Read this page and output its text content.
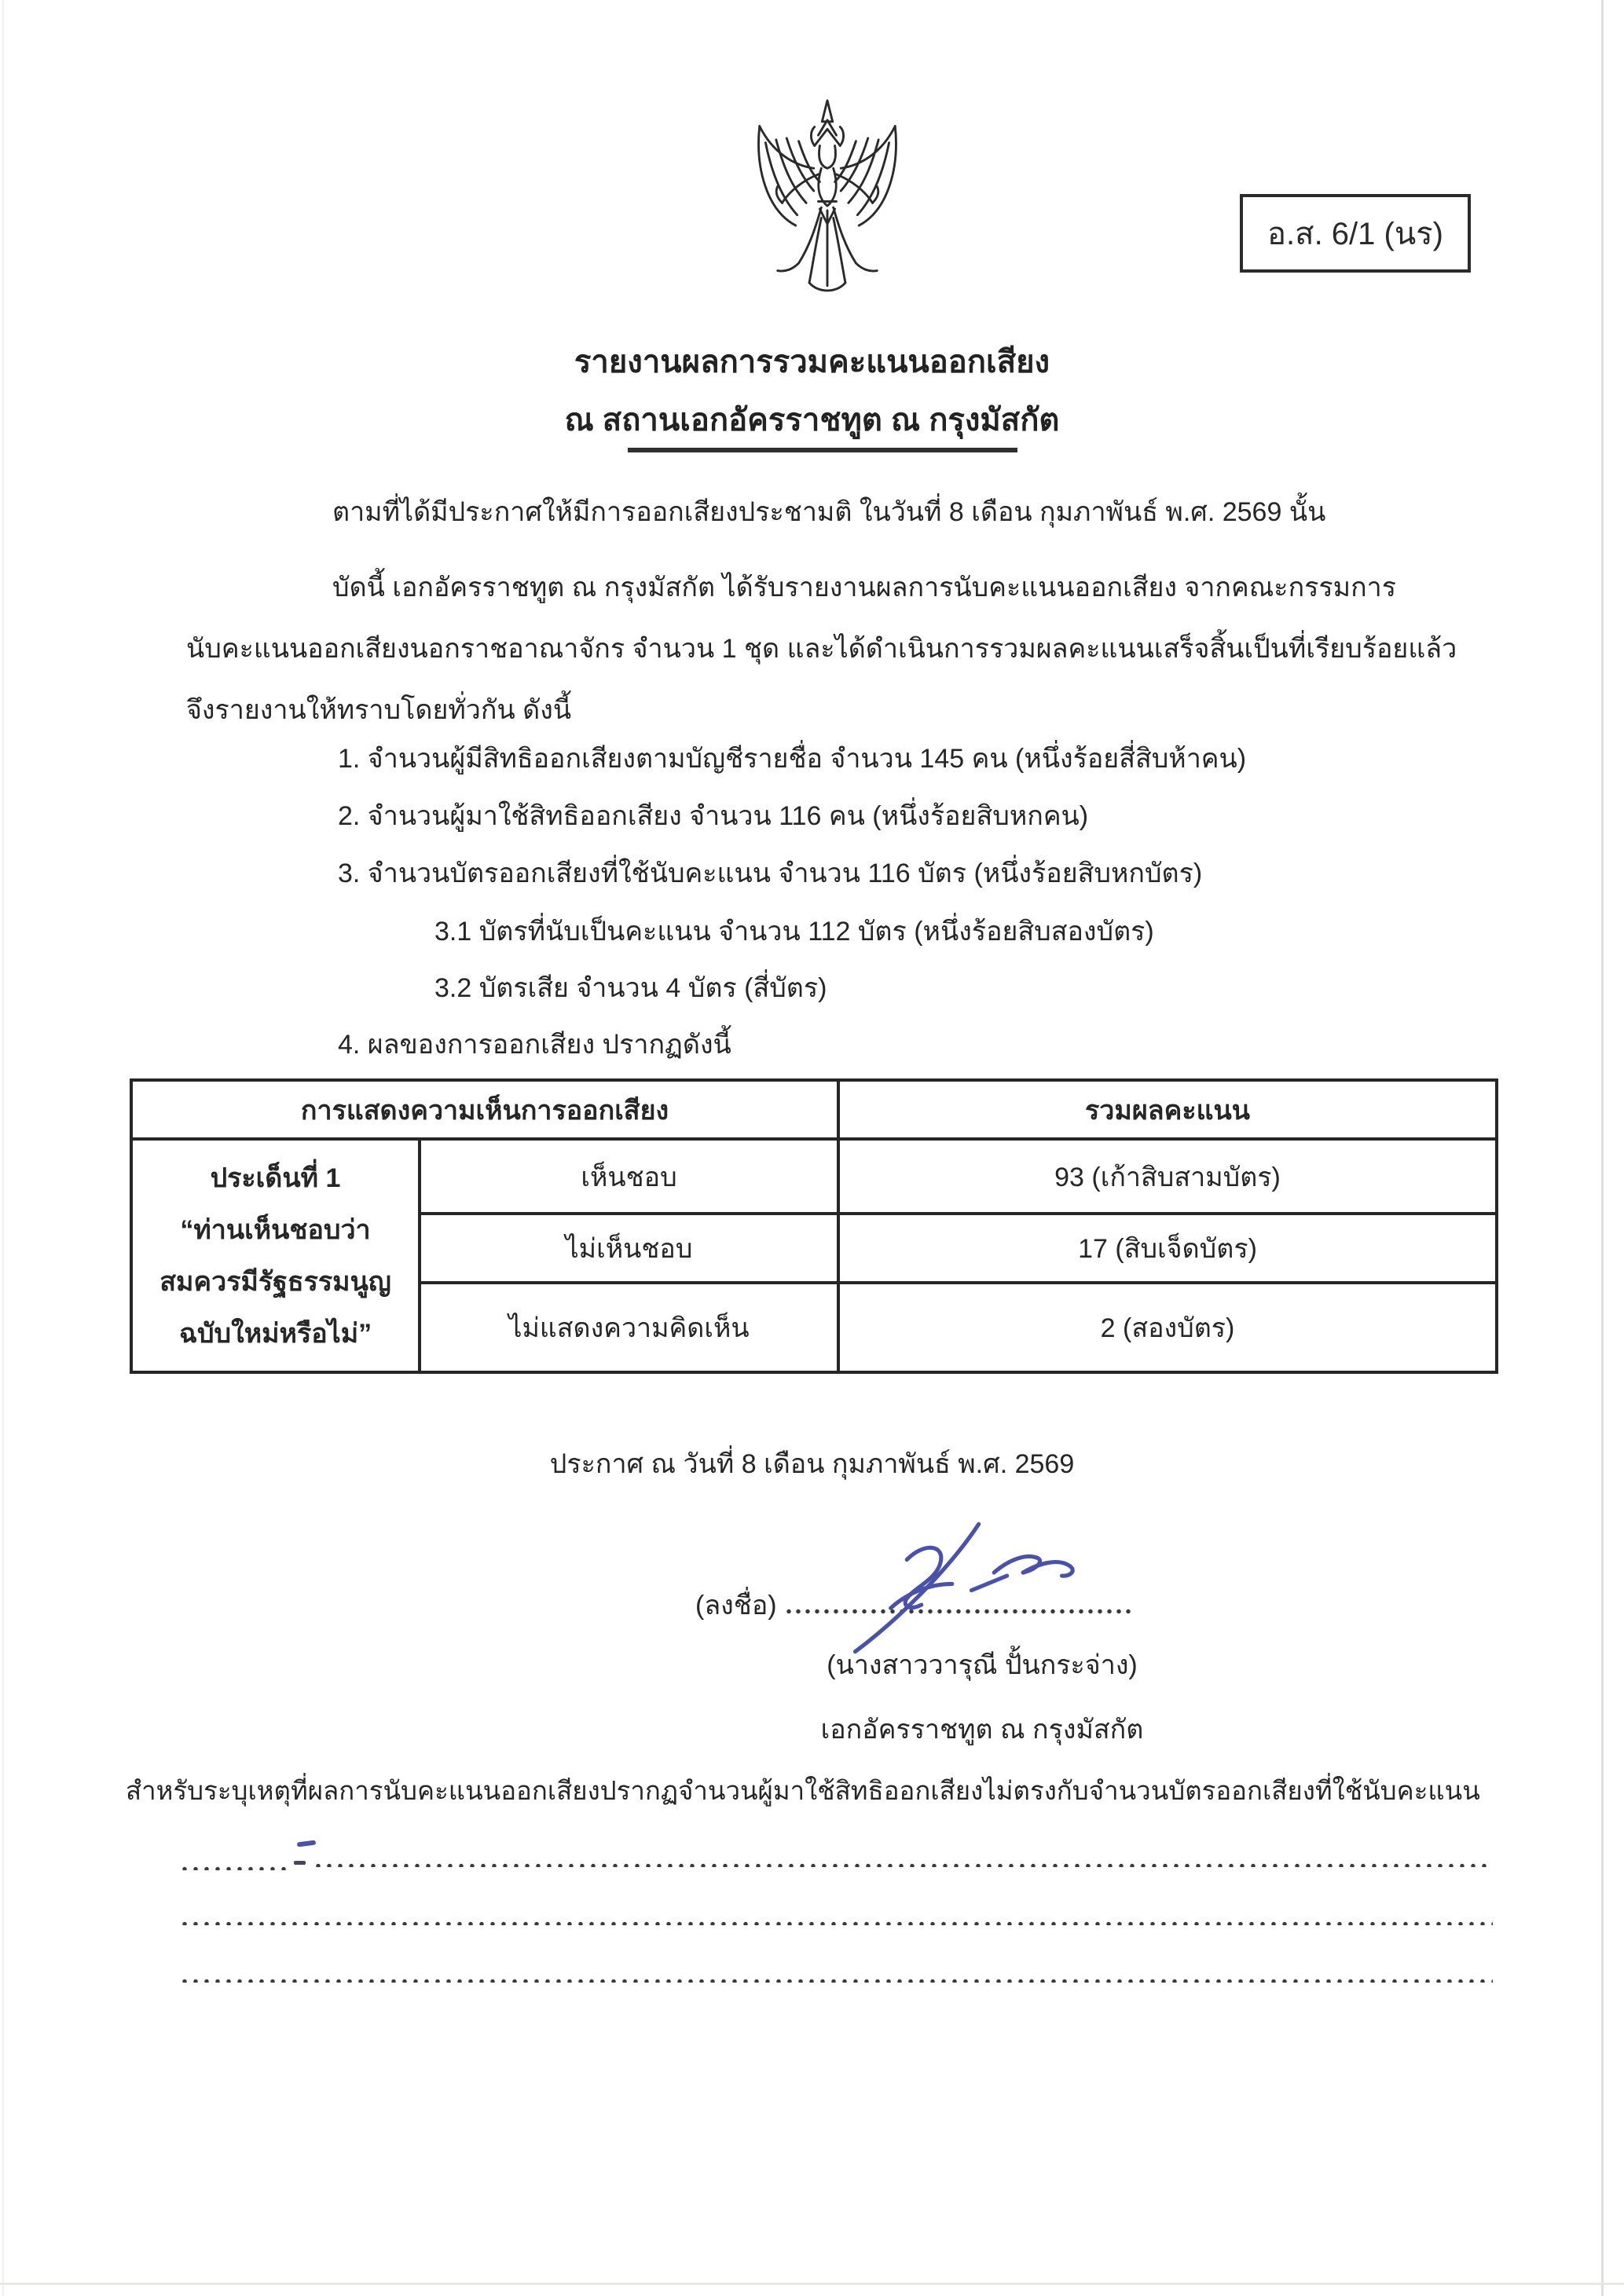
อ.ส. 6/1 (นร)
รายงานผลการรวมคะแนนออกเสียง
ณ สถานเอกอัครราชทูต ณ กรุงมัสกัต
ตามที่ได้มีประกาศให้มีการออกเสียงประชามติ ในวันที่ 8 เดือน กุมภาพันธ์ พ.ศ. 2569 นั้น
บัดนี้ เอกอัครราชทูต ณ กรุงมัสกัต ได้รับรายงานผลการนับคะแนนออกเสียง จากคณะกรรมการ
นับคะแนนออกเสียงนอกราชอาณาจักร จำนวน 1 ชุด และได้ดำเนินการรวมผลคะแนนเสร็จสิ้นเป็นที่เรียบร้อยแล้ว
จึงรายงานให้ทราบโดยทั่วกัน ดังนี้
1. จำนวนผู้มีสิทธิออกเสียงตามบัญชีรายชื่อ จำนวน 145 คน (หนึ่งร้อยสี่สิบห้าคน)
2. จำนวนผู้มาใช้สิทธิออกเสียง จำนวน 116 คน (หนึ่งร้อยสิบหกคน)
3. จำนวนบัตรออกเสียงที่ใช้นับคะแนน จำนวน 116 บัตร (หนึ่งร้อยสิบหกบัตร)
3.1 บัตรที่นับเป็นคะแนน จำนวน 112 บัตร (หนึ่งร้อยสิบสองบัตร)
3.2 บัตรเสีย จำนวน 4 บัตร (สี่บัตร)
4. ผลของการออกเสียง ปรากฏดังนี้
การแสดงความเห็นการออกเสียง		รวมผลคะแนน

ประเด็นที่ 1
“ท่านเห็นชอบว่า
สมควรมีรัฐธรรมนูญ
ฉบับใหม่หรือไม่”	เห็นชอบ	93 (เก้าสิบสามบัตร)
	ไม่เห็นชอบ	17 (สิบเจ็ดบัตร)
	ไม่แสดงความคิดเห็น	2 (สองบัตร)
ประกาศ ณ วันที่ 8 เดือน กุมภาพันธ์ พ.ศ. 2569
(ลงชื่อ)
(นางสาววารุณี ปั้นกระจ่าง)
เอกอัครราชทูต ณ กรุงมัสกัต
สำหรับระบุเหตุที่ผลการนับคะแนนออกเสียงปรากฏจำนวนผู้มาใช้สิทธิออกเสียงไม่ตรงกับจำนวนบัตรออกเสียงที่ใช้นับคะแนน
